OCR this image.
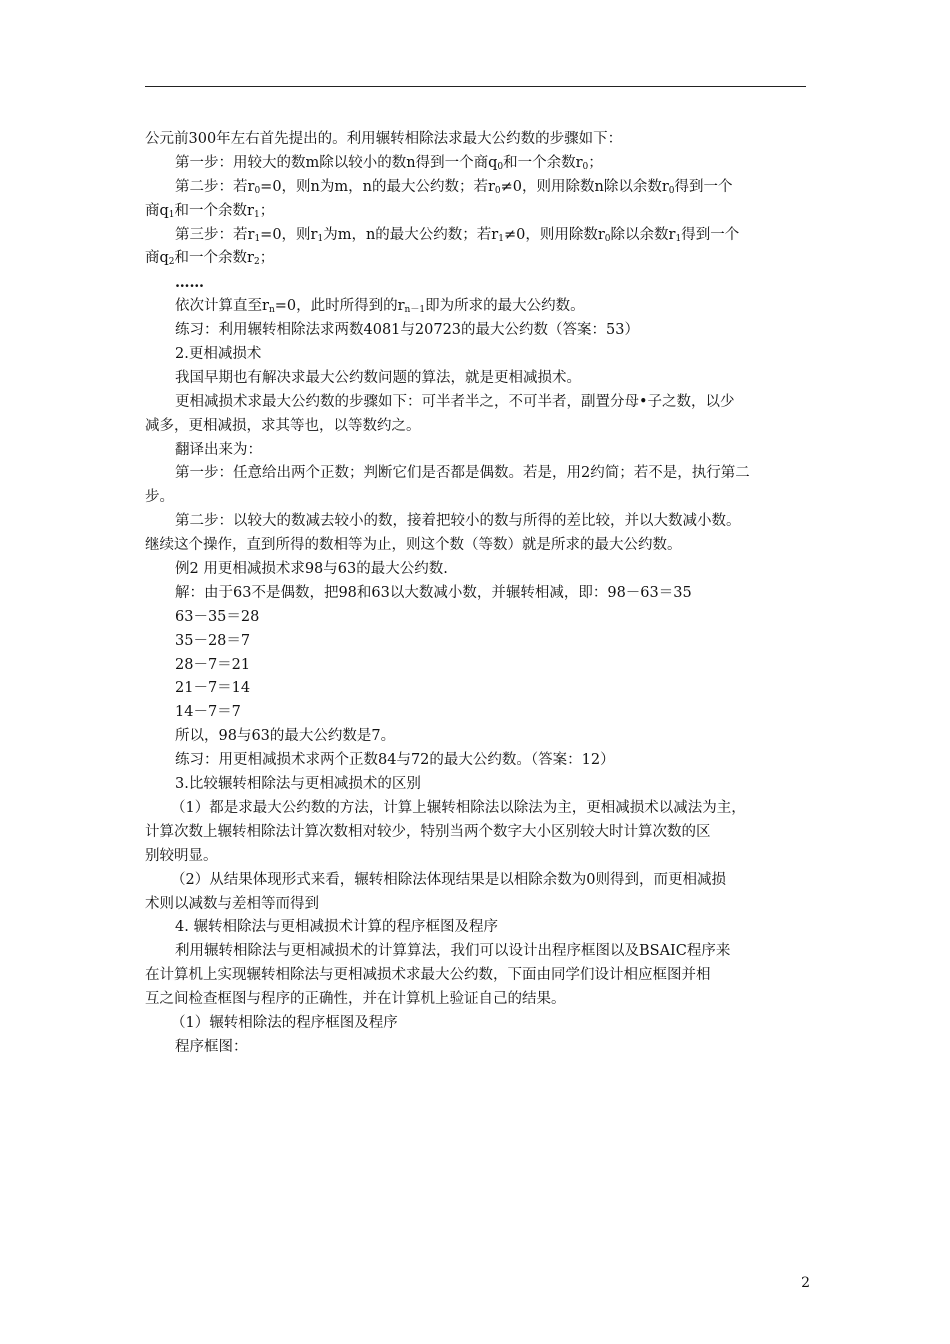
公元前300年左右首先提出的。利用辗转相除法求最大公约数的步骤如下：
第一步：用较大的数m除以较小的数n得到一个商$q_0$和一个余数$r_0$；
第二步：若$r_0=0$，则n为m，n的最大公约数；若$r_0\ne 0$，则用除数n除以余数$r_0$得到一个
商$q_1$和一个余数$r_1$；
第三步：若$r_1=0$，则$r_1$为m，n的最大公约数；若$r_1\ne 0$，则用除数$r_0$除以余数$r_1$得到一个
商$q_2$和一个余数$r_2$；
……
依次计算直至$r_n=0$，此时所得到的$r_{n-1}$即为所求的最大公约数。
练习：利用辗转相除法求两数4081与20723的最大公约数（答案：53）
2.更相减损术
我国早期也有解决求最大公约数问题的算法，就是更相减损术。
更相减损术求最大公约数的步骤如下：可半者半之，不可半者，副置分母•子之数，以少
减多，更相减损，求其等也，以等数约之。
翻译出来为：
第一步：任意给出两个正数；判断它们是否都是偶数。若是，用2约简；若不是，执行第二
步。
第二步：以较大的数减去较小的数，接着把较小的数与所得的差比较，并以大数减小数。
继续这个操作，直到所得的数相等为止，则这个数（等数）就是所求的最大公约数。
例2 用更相减损术求98与63的最大公约数.
解：由于63不是偶数，把98和63以大数减小数，并辗转相减，即：98－63＝35
63－35＝28
35－28＝7
28－7＝21
21－7＝14
14－7＝7
所以，98与63的最大公约数是7。
练习：用更相减损术求两个正数84与72的最大公约数。（答案：12）
3.比较辗转相除法与更相减损术的区别
（1）都是求最大公约数的方法，计算上辗转相除法以除法为主，更相减损术以减法为主，
计算次数上辗转相除法计算次数相对较少，特别当两个数字大小区别较大时计算次数的区
别较明显。
（2）从结果体现形式来看，辗转相除法体现结果是以相除余数为0则得到，而更相减损
术则以减数与差相等而得到
4. 辗转相除法与更相减损术计算的程序框图及程序
利用辗转相除法与更相减损术的计算算法，我们可以设计出程序框图以及BSAIC程序来
在计算机上实现辗转相除法与更相减损术求最大公约数，下面由同学们设计相应框图并相
互之间检查框图与程序的正确性，并在计算机上验证自己的结果。
（1）辗转相除法的程序框图及程序
程序框图：
2
